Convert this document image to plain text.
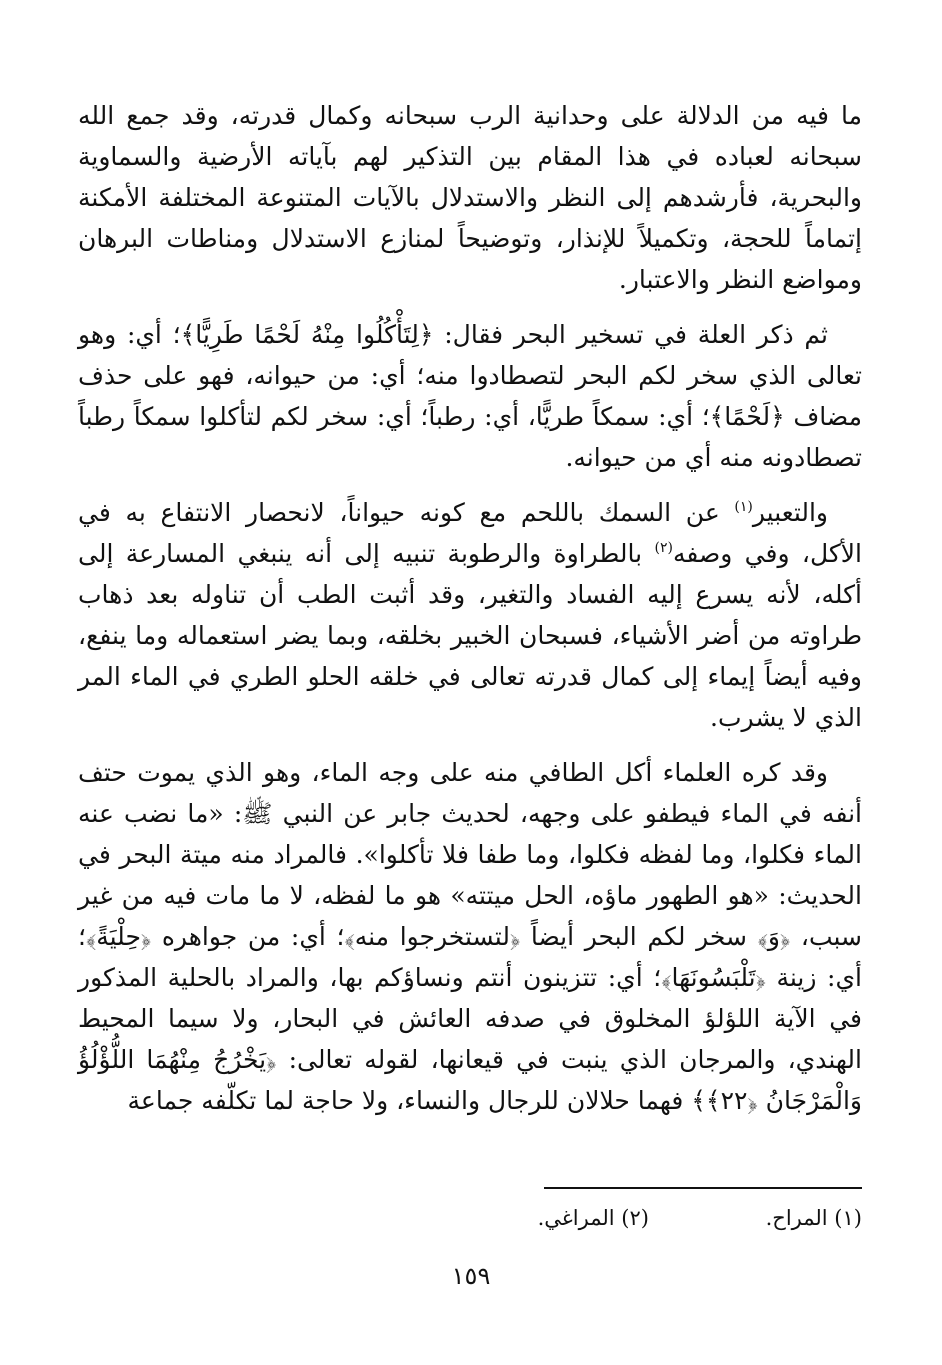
ما فيه من الدلالة على وحدانية الرب سبحانه وكمال قدرته، وقد جمع الله سبحانه لعباده في هذا المقام بين التذكير لهم بآياته الأرضية والسماوية والبحرية، فأرشدهم إلى النظر والاستدلال بالآيات المتنوعة المختلفة الأمكنة إتماماً للحجة، وتكميلاً للإنذار، وتوضيحاً لمنازع الاستدلال ومناطات البرهان ومواضع النظر والاعتبار.

ثم ذكر العلة في تسخير البحر فقال: ﴿لِتَأْكُلُوا مِنْهُ لَحْمًا طَرِيًّا﴾؛ أي: وهو تعالى الذي سخر لكم البحر لتصطادوا منه؛ أي: من حيوانه، فهو على حذف مضاف ﴿لَحْمًا﴾؛ أي: سمكاً طريًّا، أي: رطباً؛ أي: سخر لكم لتأكلوا سمكاً رطباً تصطادونه منه أي من حيوانه.

والتعبير$^{(١)}$ عن السمك باللحم مع كونه حيواناً، لانحصار الانتفاع به في الأكل، وفي وصفه$^{(٢)}$ بالطراوة والرطوبة تنبيه إلى أنه ينبغي المسارعة إلى أكله، لأنه يسرع إليه الفساد والتغير، وقد أثبت الطب أن تناوله بعد ذهاب طراوته من أضر الأشياء، فسبحان الخبير بخلقه، وبما يضر استعماله وما ينفع، وفيه أيضاً إيماء إلى كمال قدرته تعالى في خلقه الحلو الطري في الماء المر الذي لا يشرب.

وقد كره العلماء أكل الطافي منه على وجه الماء، وهو الذي يموت حتف أنفه في الماء فيطفو على وجهه، لحديث جابر عن النبي ﷺ: «ما نضب عنه الماء فكلوا، وما لفظه فكلوا، وما طفا فلا تأكلوا». فالمراد منه ميتة البحر في الحديث: «هو الطهور ماؤه، الحل ميتته» هو ما لفظه، لا ما مات فيه من غير سبب، ﴿وَ﴾ سخر لكم البحر أيضاً ﴿لتستخرجوا منه﴾؛ أي: من جواهره ﴿حِلْيَةً﴾؛ أي: زينة ﴿تَلْبَسُونَهَا﴾؛ أي: تتزينون أنتم ونساؤكم بها، والمراد بالحلية المذكور في الآية اللؤلؤ المخلوق في صدفه العائش في البحار، ولا سيما المحيط الهندي، والمرجان الذي ينبت في قيعانها، لقوله تعالى: ﴿يَخْرُجُ مِنْهُمَا اللُّؤْلُؤُ وَالْمَرْجَانُ ﴿٢٢﴾﴾ فهما حلالان للرجال والنساء، ولا حاجة لما تكلّفه جماعة

(١) المراح. (٢) المراغي.
١٥٩
